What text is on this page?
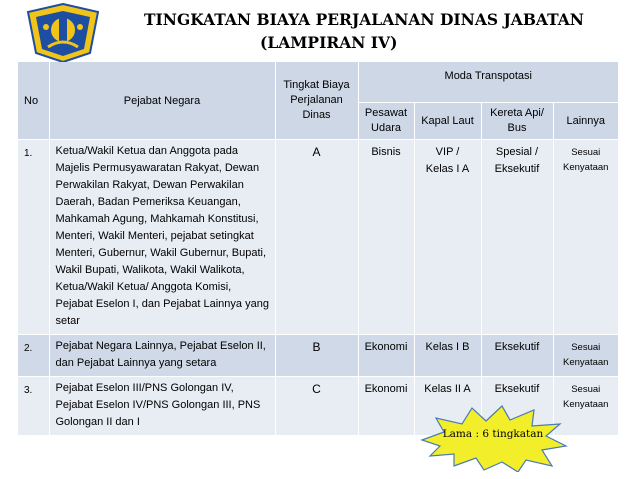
TINGKATAN BIAYA PERJALANAN DINAS JABATAN
(LAMPIRAN IV)
No	Pejabat Negara	Tingkat Biaya Perjalanan Dinas	Moda Transpotasi			
			Pesawat Udara	Kapal Laut	Kereta Api/ Bus	Lainnya
1.	Ketua/Wakil Ketua dan Anggota pada Majelis Permusyawaratan Rakyat, Dewan Perwakilan Rakyat, Dewan Perwakilan Daerah, Badan Pemeriksa Keuangan, Mahkamah Agung, Mahkamah Konstitusi, Menteri, Wakil Menteri, pejabat setingkat Menteri, Gubernur, Wakil Gubernur, Bupati, Wakil Bupati, Walikota, Wakil Walikota, Ketua/Wakil Ketua/ Anggota Komisi, Pejabat Eselon I, dan Pejabat Lainnya yang setar	A	Bisnis	VIP / Kelas I A	Spesial / Eksekutif	Sesuai Kenyataan
2.	Pejabat Negara Lainnya, Pejabat Eselon II, dan Pejabat Lainnya yang setara	B	Ekonomi	Kelas I B	Eksekutif	Sesuai Kenyataan
3.	Pejabat Eselon III/PNS Golongan IV, Pejabat Eselon IV/PNS Golongan III, PNS Golongan II dan I	C	Ekonomi	Kelas II A	Eksekutif	Sesuai Kenyataan
Lama : 6 tingkatan
